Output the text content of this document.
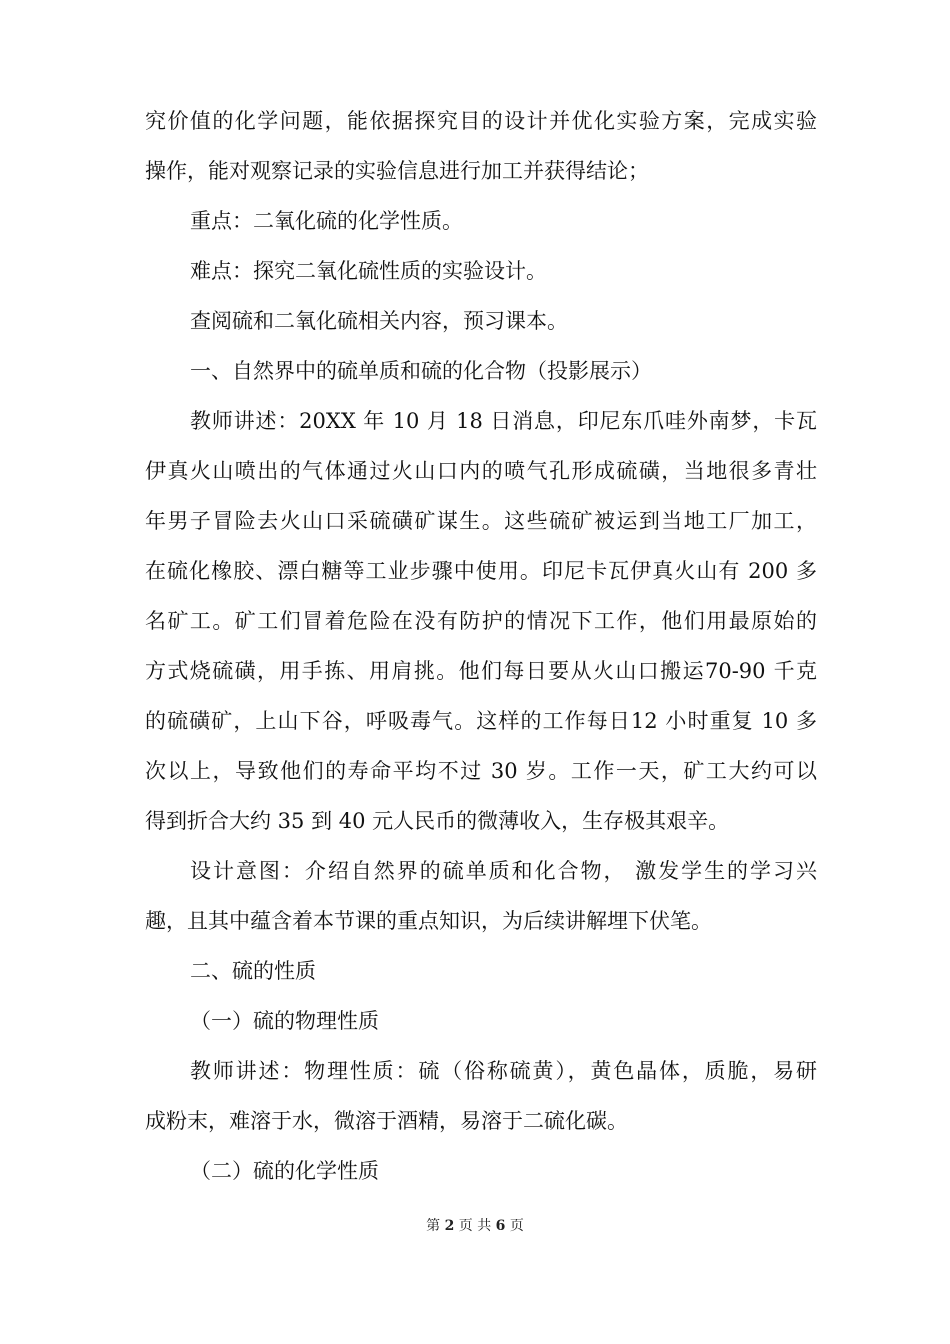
究价值的化学问题，能依据探究目的设计并优化实验方案，完成实验
操作，能对观察记录的实验信息进行加工并获得结论；
重点：二氧化硫的化学性质。
难点：探究二氧化硫性质的实验设计。
查阅硫和二氧化硫相关内容，预习课本。
一、自然界中的硫单质和硫的化合物（投影展示）
教师讲述：20XX 年 10 月 18 日消息，印尼东爪哇外南梦，卡瓦
伊真火山喷出的气体通过火山口内的喷气孔形成硫磺，当地很多青壮
年男子冒险去火山口采硫磺矿谋生。这些硫矿被运到当地工厂加工，
在硫化橡胶、漂白糖等工业步骤中使用。印尼卡瓦伊真火山有 200 多
名矿工。矿工们冒着危险在没有防护的情况下工作，他们用最原始的
方式烧硫磺，用手拣、用肩挑。他们每日要从火山口搬运70-90 千克
的硫磺矿，上山下谷，呼吸毒气。这样的工作每日12 小时重复 10 多
次以上，导致他们的寿命平均不过 30 岁。工作一天，矿工大约可以
得到折合大约 35 到 40 元人民币的微薄收入，生存极其艰辛。
设计意图：介绍自然界的硫单质和化合物， 激发学生的学习兴
趣，且其中蕴含着本节课的重点知识，为后续讲解埋下伏笔。
二、硫的性质
（一）硫的物理性质
教师讲述：物理性质：硫（俗称硫黄），黄色晶体，质脆，易研
成粉末，难溶于水，微溶于酒精，易溶于二硫化碳。
（二）硫的化学性质
第 2 页 共 6 页
